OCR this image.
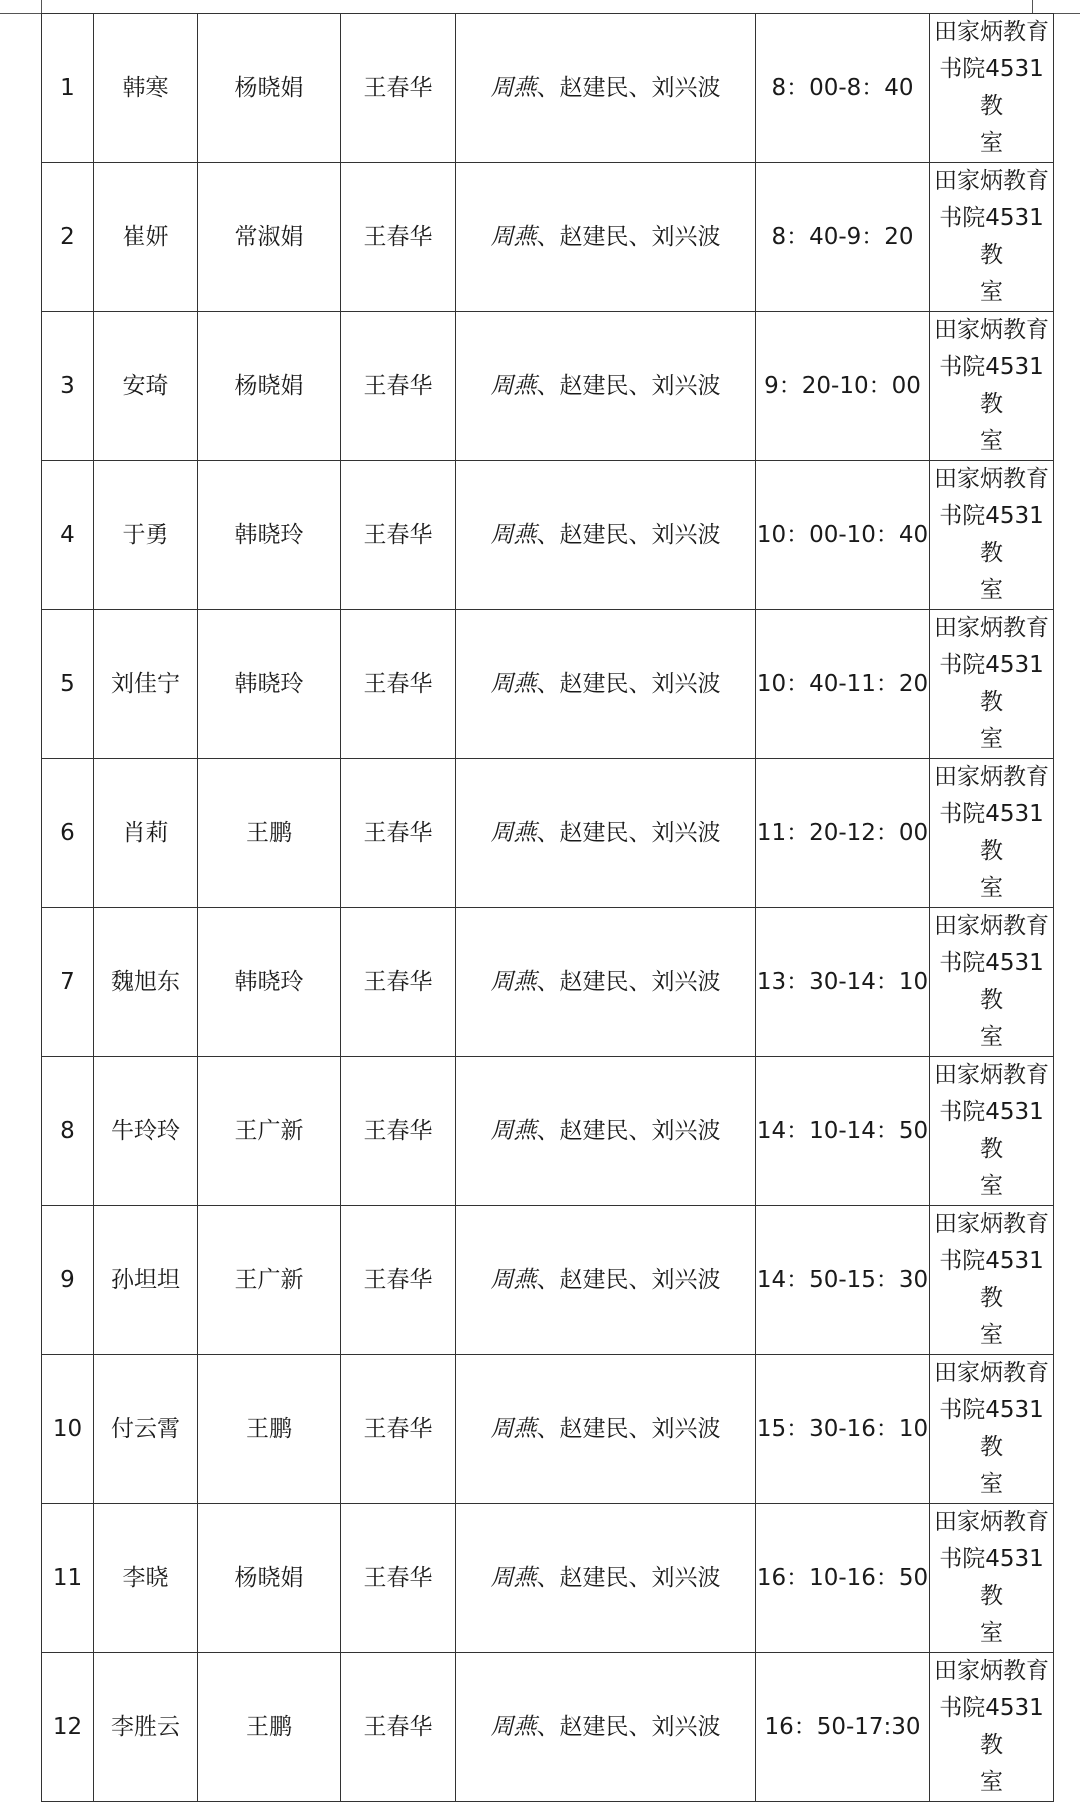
1	韩寒	杨晓娟	王春华	周燕、赵建民、刘兴波	8：00-8：40	田家炳教育
书院4531教
室

2	崔妍	常淑娟	王春华	周燕、赵建民、刘兴波	8：40-9：20	田家炳教育
书院4531教
室

3	安琦	杨晓娟	王春华	周燕、赵建民、刘兴波	9：20-10：00	田家炳教育
书院4531教
室

4	于勇	韩晓玲	王春华	周燕、赵建民、刘兴波	10：00-10：40	田家炳教育
书院4531教
室

5	刘佳宁	韩晓玲	王春华	周燕、赵建民、刘兴波	10：40-11：20	田家炳教育
书院4531教
室

6	肖莉	王鹏	王春华	周燕、赵建民、刘兴波	11：20-12：00	田家炳教育
书院4531教
室

7	魏旭东	韩晓玲	王春华	周燕、赵建民、刘兴波	13：30-14：10	田家炳教育
书院4531教
室

8	牛玲玲	王广新	王春华	周燕、赵建民、刘兴波	14：10-14：50	田家炳教育
书院4531教
室

9	孙坦坦	王广新	王春华	周燕、赵建民、刘兴波	14：50-15：30	田家炳教育
书院4531教
室

10	付云霄	王鹏	王春华	周燕、赵建民、刘兴波	15：30-16：10	田家炳教育
书院4531教
室

11	李晓	杨晓娟	王春华	周燕、赵建民、刘兴波	16：10-16：50	田家炳教育
书院4531教
室

12	李胜云	王鹏	王春华	周燕、赵建民、刘兴波	16：50-17:30	田家炳教育
书院4531教
室
